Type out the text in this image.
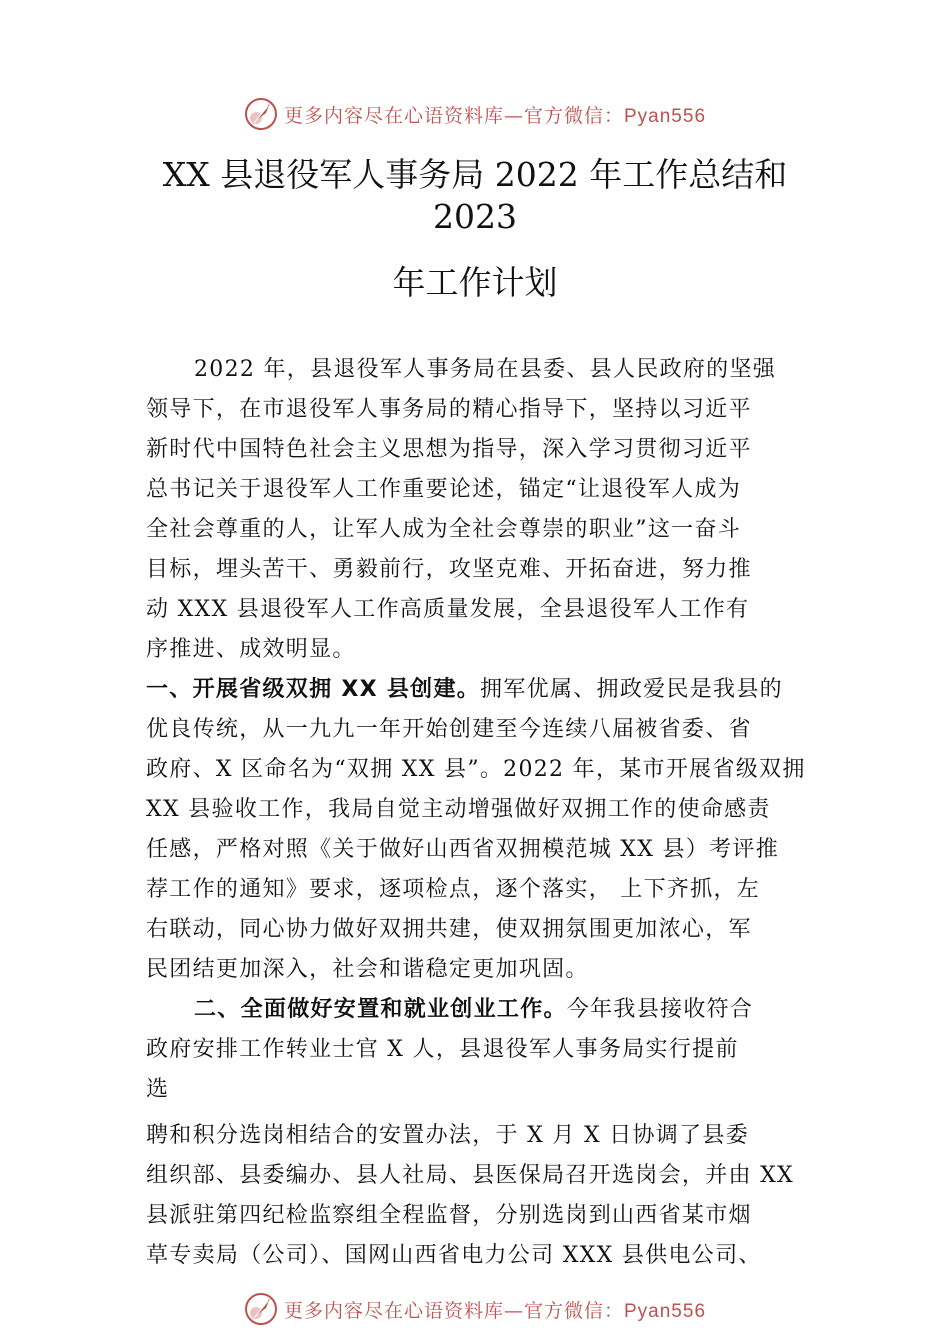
更多内容尽在心语资料库—官方微信：Pyan556
XX 县退役军人事务局 2022 年工作总结和
2023
年工作计划
2022 年，县退役军人事务局在县委、县人民政府的坚强
领导下，在市退役军人事务局的精心指导下，坚持以习近平
新时代中国特色社会主义思想为指导，深入学习贯彻习近平
总书记关于退役军人工作重要论述，锚定“让退役军人成为
全社会尊重的人，让军人成为全社会尊崇的职业”这一奋斗
目标，埋头苦干、勇毅前行，攻坚克难、开拓奋进，努力推
动 XXX 县退役军人工作高质量发展，全县退役军人工作有
序推进、成效明显。
一、开展省级双拥 XX 县创建。拥军优属、拥政爱民是我县的
优良传统，从一九九一年开始创建至今连续八届被省委、省
政府、X 区命名为“双拥 XX 县”。2022 年，某市开展省级双拥
XX 县验收工作，我局自觉主动增强做好双拥工作的使命感责
任感，严格对照《关于做好山西省双拥模范城 XX 县）考评推
荐工作的通知》要求，逐项检点，逐个落实， 上下齐抓，左
右联动，同心协力做好双拥共建，使双拥氛围更加浓心，军
民团结更加深入，社会和谐稳定更加巩固。
二、全面做好安置和就业创业工作。今年我县接收符合
政府安排工作转业士官 X 人，县退役军人事务局实行提前
选
聘和积分选岗相结合的安置办法，于 X 月 X 日协调了县委
组织部、县委编办、县人社局、县医保局召开选岗会，并由 XX
县派驻第四纪检监察组全程监督，分别选岗到山西省某市烟
草专卖局（公司）、国网山西省电力公司 XXX 县供电公司、
更多内容尽在心语资料库—官方微信：Pyan556
